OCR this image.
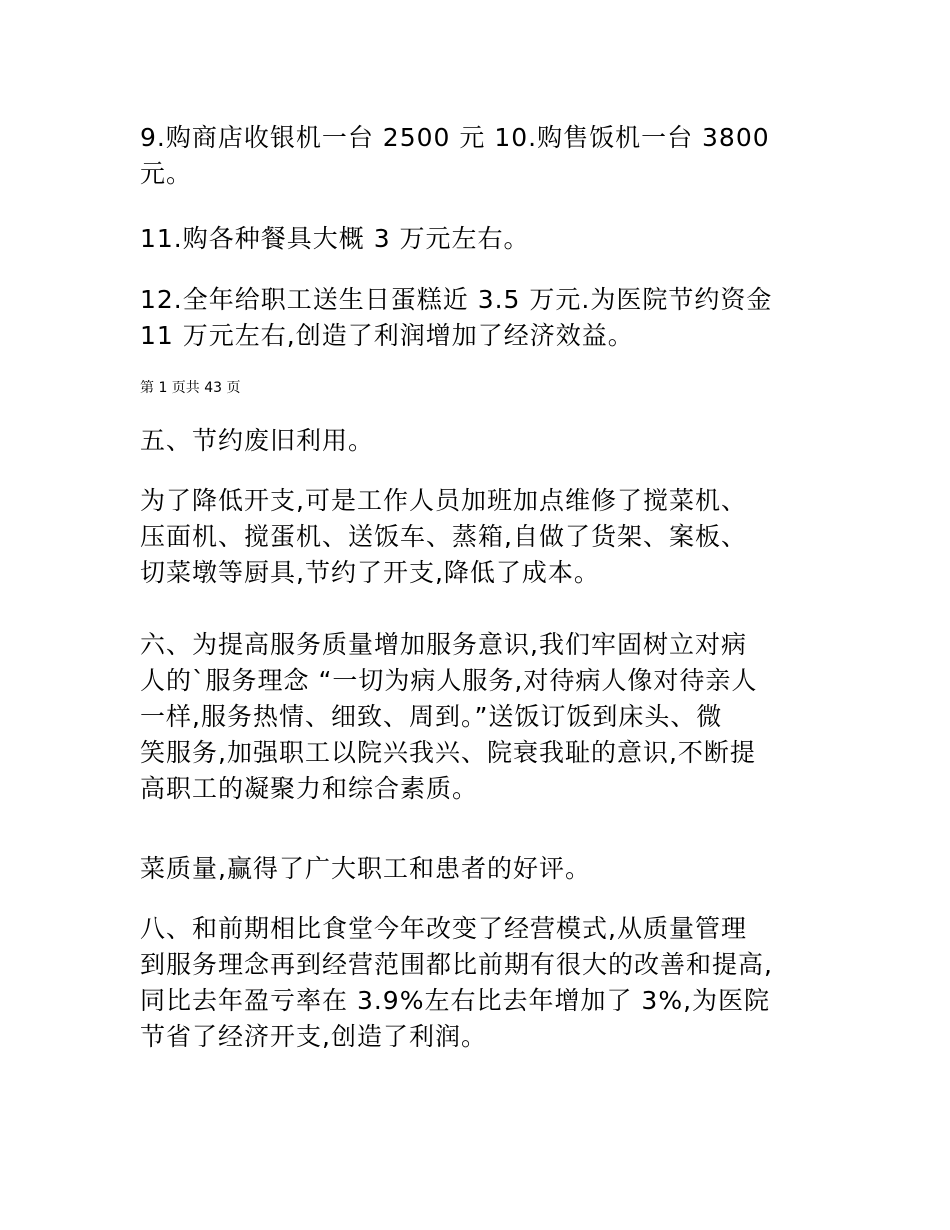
9.购商店收银机一台 2500 元 10.购售饭机一台 3800
元。

11.购各种餐具大概 3 万元左右。

12.全年给职工送生日蛋糕近 3.5 万元.为医院节约资金
11 万元左右,创造了利润增加了经济效益。

第 1 页共 43 页

五、节约废旧利用。

为了降低开支,可是工作人员加班加点维修了搅菜机、
压面机、搅蛋机、送饭车、蒸箱,自做了货架、案板、
切菜墩等厨具,节约了开支,降低了成本。

六、为提高服务质量增加服务意识,我们牢固树立对病
人的`服务理念 “一切为病人服务,对待病人像对待亲人
一样,服务热情、细致、周到。”送饭订饭到床头、微
笑服务,加强职工以院兴我兴、院衰我耻的意识,不断提
高职工的凝聚力和综合素质。

菜质量,赢得了广大职工和患者的好评。

八、和前期相比食堂今年改变了经营模式,从质量管理
到服务理念再到经营范围都比前期有很大的改善和提高,
同比去年盈亏率在 3.9%左右比去年增加了 3%,为医院
节省了经济开支,创造了利润。
